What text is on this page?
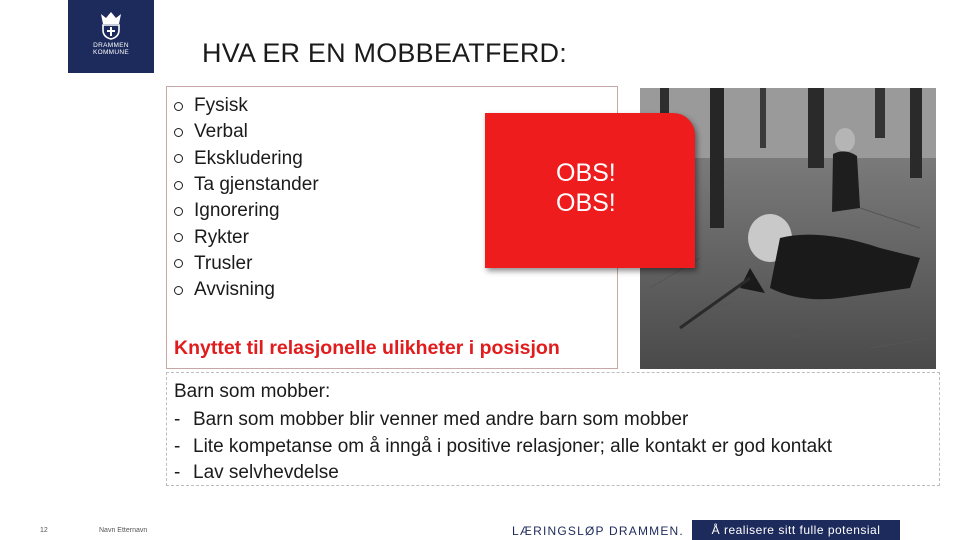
DRAMMEN
KOMMUNE	HVA ER EN MOBBEATFERD:
Fysisk
Verbal
Ekskludering
Ta gjenstander
Ignorering
Rykter
Trusler
Avvisning
Knyttet til relasjonelle ulikheter i posisjon
OBS!
OBS!
Barn som mobber:
- Barn som mobber blir venner med andre barn som mobber
- Lite kompetanse om å inngå i positive relasjoner; alle kontakt er god kontakt
- Lav selvhevdelse
12	Navn Etternavn	LÆRINGSLØP DRAMMEN.	Å realisere sitt fulle potensial
